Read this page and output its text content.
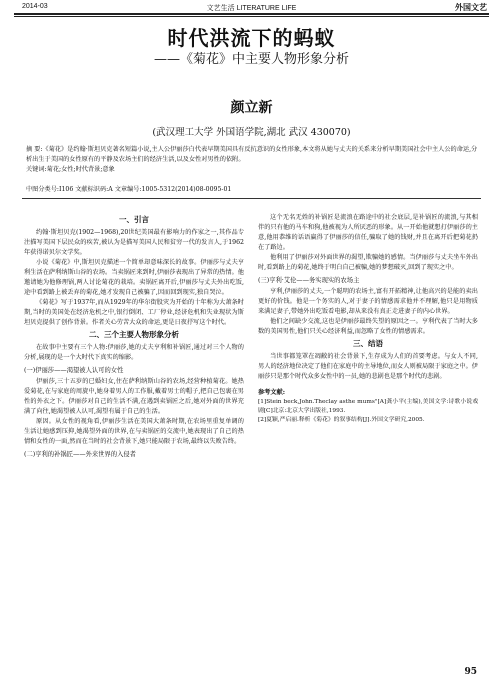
2014-03	文艺生活 LITERATURE LIFE	外国文艺
时代洪流下的蚂蚁
——《菊花》中主要人物形象分析
颜立新
(武汉理工大学 外国语学院,湖北 武汉 430070)
摘 要:《菊花》是约翰·斯坦贝克著名短篇小说,主人公伊丽莎白代表早期美国具有反抗意识的女性形象,本文将从她与丈夫的关系来分析早期美国社会中主人公的命运,分析出生于美国的女性原有的平静及农场主们的经济生活,以及女性对男性的依附。
关键词:菊花;女性;时代背景;意象
中图分类号:I106 文献标识码:A 文章编号:1005-5312(2014)08-0095-01
一、引言

约翰·斯坦贝克(1902—1968),20世纪美国最有影响力的作家之一,其作品专注描写美国下层民众的疾苦,被认为是描写美国人民和贫穷一代的发言人,于1962年获得诺贝尔文学奖。

小说《菊花》中,斯坦贝克描述一个简单却意味深长的故事。伊丽莎与丈夫亨利生活在萨利纳斯山谷的农场。当卖锅匠来到时,伊丽莎表现出了异常的热情。他邀请她为他修理锅,两人讨论菊花的栽培。卖锅匠离开后,伊丽莎与丈夫外出吃饭,途中看到路上被丢弃的菊花,她才发现自己被骗了,因而回到现实,独自哭泣。

《菊花》写于1937年,而从1929年的华尔街股灾为开始的十年称为大萧条时期,当时的美国处在经济危机之中,银行倒闭、工厂停业,经济危机和失业现状为斯坦贝克提供了创作背景。作者关心劳苦大众的命运,更是日夜抒写这个时代。

二、三个主要人物形象分析

在故事中主要有三个人物:伊丽莎,她的丈夫亨利和补锅匠,通过对三个人物的分析,展现的是一个大时代下真实的缩影。

(一)伊丽莎——渴望被人认可的女性

伊丽莎,三十五岁的已婚妇女,住在萨利纳斯山谷的农场,经营种植菊花。她热爱菊花,在与家庭的周旋中,她身着男人的工作服,戴着男士的帽子,把自己包裹在男性的外衣之下。伊丽莎对自己的生活不满,在遇到卖锅匠之后,她对外面的世界充满了向往,她渴望被人认可,渴望有属于自己的生活。

原因。从女性的视角看,伊丽莎生活在美国大萧条时期,在农场里重复单调的生活让她感到压抑,她渴望外面的世界,在与卖锅匠的交流中,她表现出了自己的热情和女性的一面,然而在当时的社会背景下,她只能局限于农场,最终以失败告终。

(二)亨利的补锅匠——外来世界的入侵者

这个无名无姓的补锅匠是流浪在路途中的社会底层,是补锅匠的流浪,与其相伴的只有他的马车和狗,他被视为人所厌恶的形象。从一开始他就想打伊丽莎的主意,他用恭维的话语赢得了伊丽莎的信任,骗取了她的钱财,并且在离开后把菊花扔在了路边。

他利用了伊丽莎对外面世界的渴望,欺骗她的感情。当伊丽莎与丈夫坐车外出时,看到路上的菊花,她终于明白自己被骗,她的梦想破灭,回到了现实之中。

(三)亨利·艾伦——务实现实的农场主

亨利,伊丽莎的丈夫,一个聪明的农场主,富有开拓精神,让他高兴的是能的卖出更好的价钱。他是一个务实的人,对于妻子的情感需求他并不理解,他只是用物质来满足妻子,带她外出吃饭看电影,却从来没有真正走进妻子的内心世界。

他们之间缺少交流,这也是伊丽莎最终失望的原因之一。亨利代表了当时大多数的美国男性,他们只关心经济利益,而忽略了女性的情感需求。

三、结语

当世事都笼罩在凋敝的社会背景下,生存成为人们的首要考虑。与女人不同,男人的经济地位决定了他们在家庭中的主导地位,而女人则被局限于家庭之中。伊丽莎只是那个时代众多女性中的一员,她的悲剧也是那个时代的悲剧。

参考文献:
[1]Stein beck,John.Theclay asthe mums"[A]龚小平(主编),美国文学:诗歌小说戏剧[C]北京:北京大学出版社,1993.
[2]夏颖,严启丽.释析《菊花》的叙事结构[J].外国文学研究,2005.
95
